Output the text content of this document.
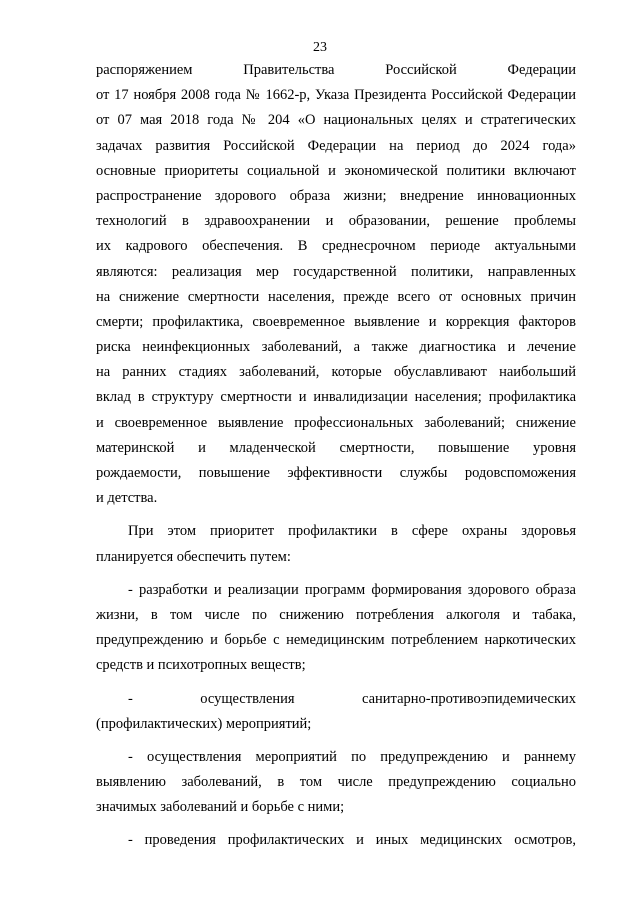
23
распоряжением Правительства Российской Федерации
от 17 ноября 2008 года № 1662-р, Указа Президента Российской Федерации
от 07 мая 2018 года № 204 «О национальных целях и стратегических
задачах развития Российской Федерации на период до 2024 года»
основные приоритеты социальной и экономической политики включают
распространение здорового образа жизни; внедрение инновационных
технологий в здравоохранении и образовании, решение проблемы
их кадрового обеспечения. В среднесрочном периоде актуальными
являются: реализация мер государственной политики, направленных
на снижение смертности населения, прежде всего от основных причин
смерти; профилактика, своевременное выявление и коррекция факторов
риска неинфекционных заболеваний, а также диагностика и лечение
на ранних стадиях заболеваний, которые обуславливают наибольший
вклад в структуру смертности и инвалидизации населения; профилактика
и своевременное выявление профессиональных заболеваний; снижение
материнской и младенческой смертности, повышение уровня
рождаемости, повышение эффективности службы родовспоможения
и детства.
При этом приоритет профилактики в сфере охраны здоровья
планируется обеспечить путем:
- разработки и реализации программ формирования здорового образа
жизни, в том числе по снижению потребления алкоголя и табака,
предупреждению и борьбе с немедицинским потреблением наркотических
средств и психотропных веществ;
- осуществления санитарно-противоэпидемических
(профилактических) мероприятий;
- осуществления мероприятий по предупреждению и раннему
выявлению заболеваний, в том числе предупреждению социально
значимых заболеваний и борьбе с ними;
- проведения профилактических и иных медицинских осмотров,
